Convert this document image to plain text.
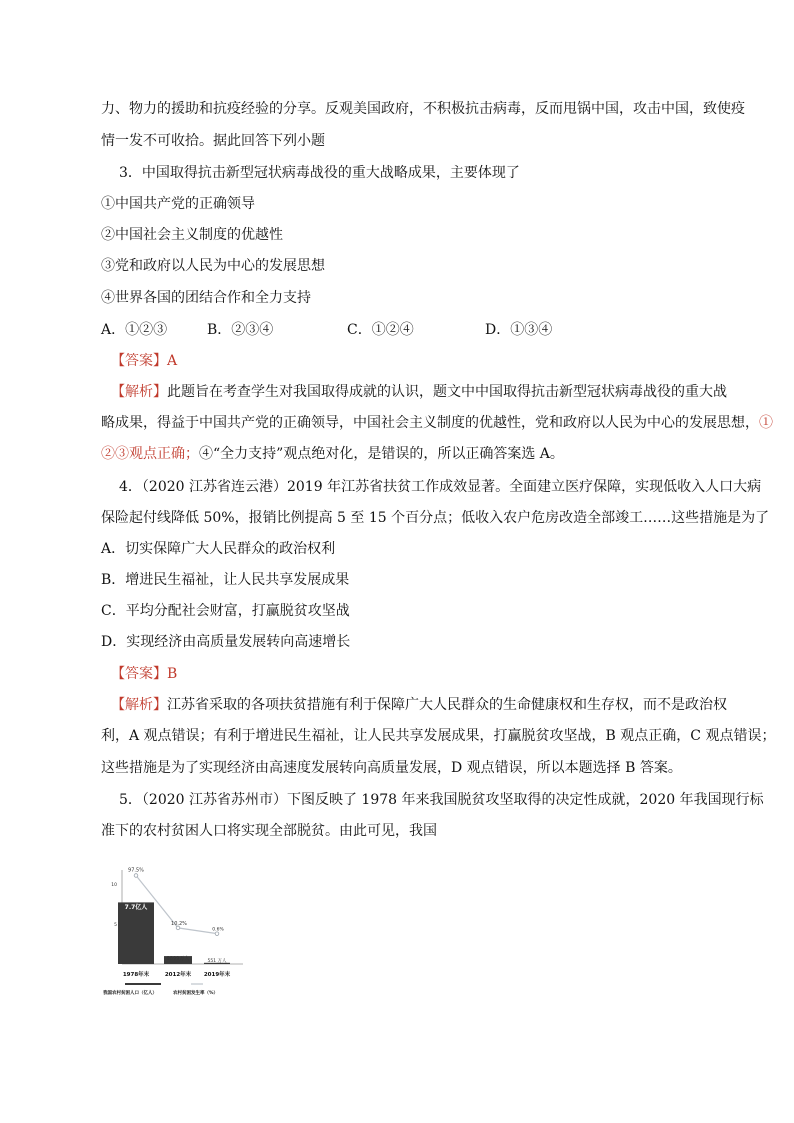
力、物力的援助和抗疫经验的分享。反观美国政府，不积极抗击病毒，反而甩锅中国，攻击中国，致使疫
情一发不可收拾。据此回答下列小题
3．中国取得抗击新型冠状病毒战役的重大战略成果，主要体现了
①中国共产党的正确领导
②中国社会主义制度的优越性
③党和政府以人民为中心的发展思想
④世界各国的团结合作和全力支持
A．①②③	B．②③④	C．①②④	D．①③④
【答案】A
【解析】此题旨在考查学生对我国取得成就的认识，题文中中国取得抗击新型冠状病毒战役的重大战
略成果，得益于中国共产党的正确领导，中国社会主义制度的优越性，党和政府以人民为中心的发展思想，①
②③观点正确；④“全力支持”观点绝对化，是错误的，所以正确答案选 A。
4．（2020 江苏省连云港）2019 年江苏省扶贫工作成效显著。全面建立医疗保障，实现低收入人口大病
保险起付线降低 50%，报销比例提高 5 至 15 个百分点；低收入农户危房改造全部竣工……这些措施是为了
A．切实保障广大人民群众的政治权利
B．增进民生福祉，让人民共享发展成果
C．平均分配社会财富，打赢脱贫攻坚战
D．实现经济由高质量发展转向高速增长
【答案】B
【解析】江苏省采取的各项扶贫措施有利于保障广大人民群众的生命健康权和生存权，而不是政治权
利，A 观点错误；有利于增进民生福祉，让人民共享发展成果，打赢脱贫攻坚战，B 观点正确，C 观点错误；
这些措施是为了实现经济由高速度发展转向高质量发展，D 观点错误，所以本题选择 B 答案。
5．（2020 江苏省苏州市）下图反映了 1978 年来我国脱贫攻坚取得的决定性成就，2020 年我国现行标
准下的农村贫困人口将实现全部脱贫。由此可见，我国
10
5
7.7亿人
9899万人	551 万人
97.5%
10.2%
0.6%
1978年末	2012年末 2019年末
我国农村贫困人口（亿人）	农村贫困发生率（%）
